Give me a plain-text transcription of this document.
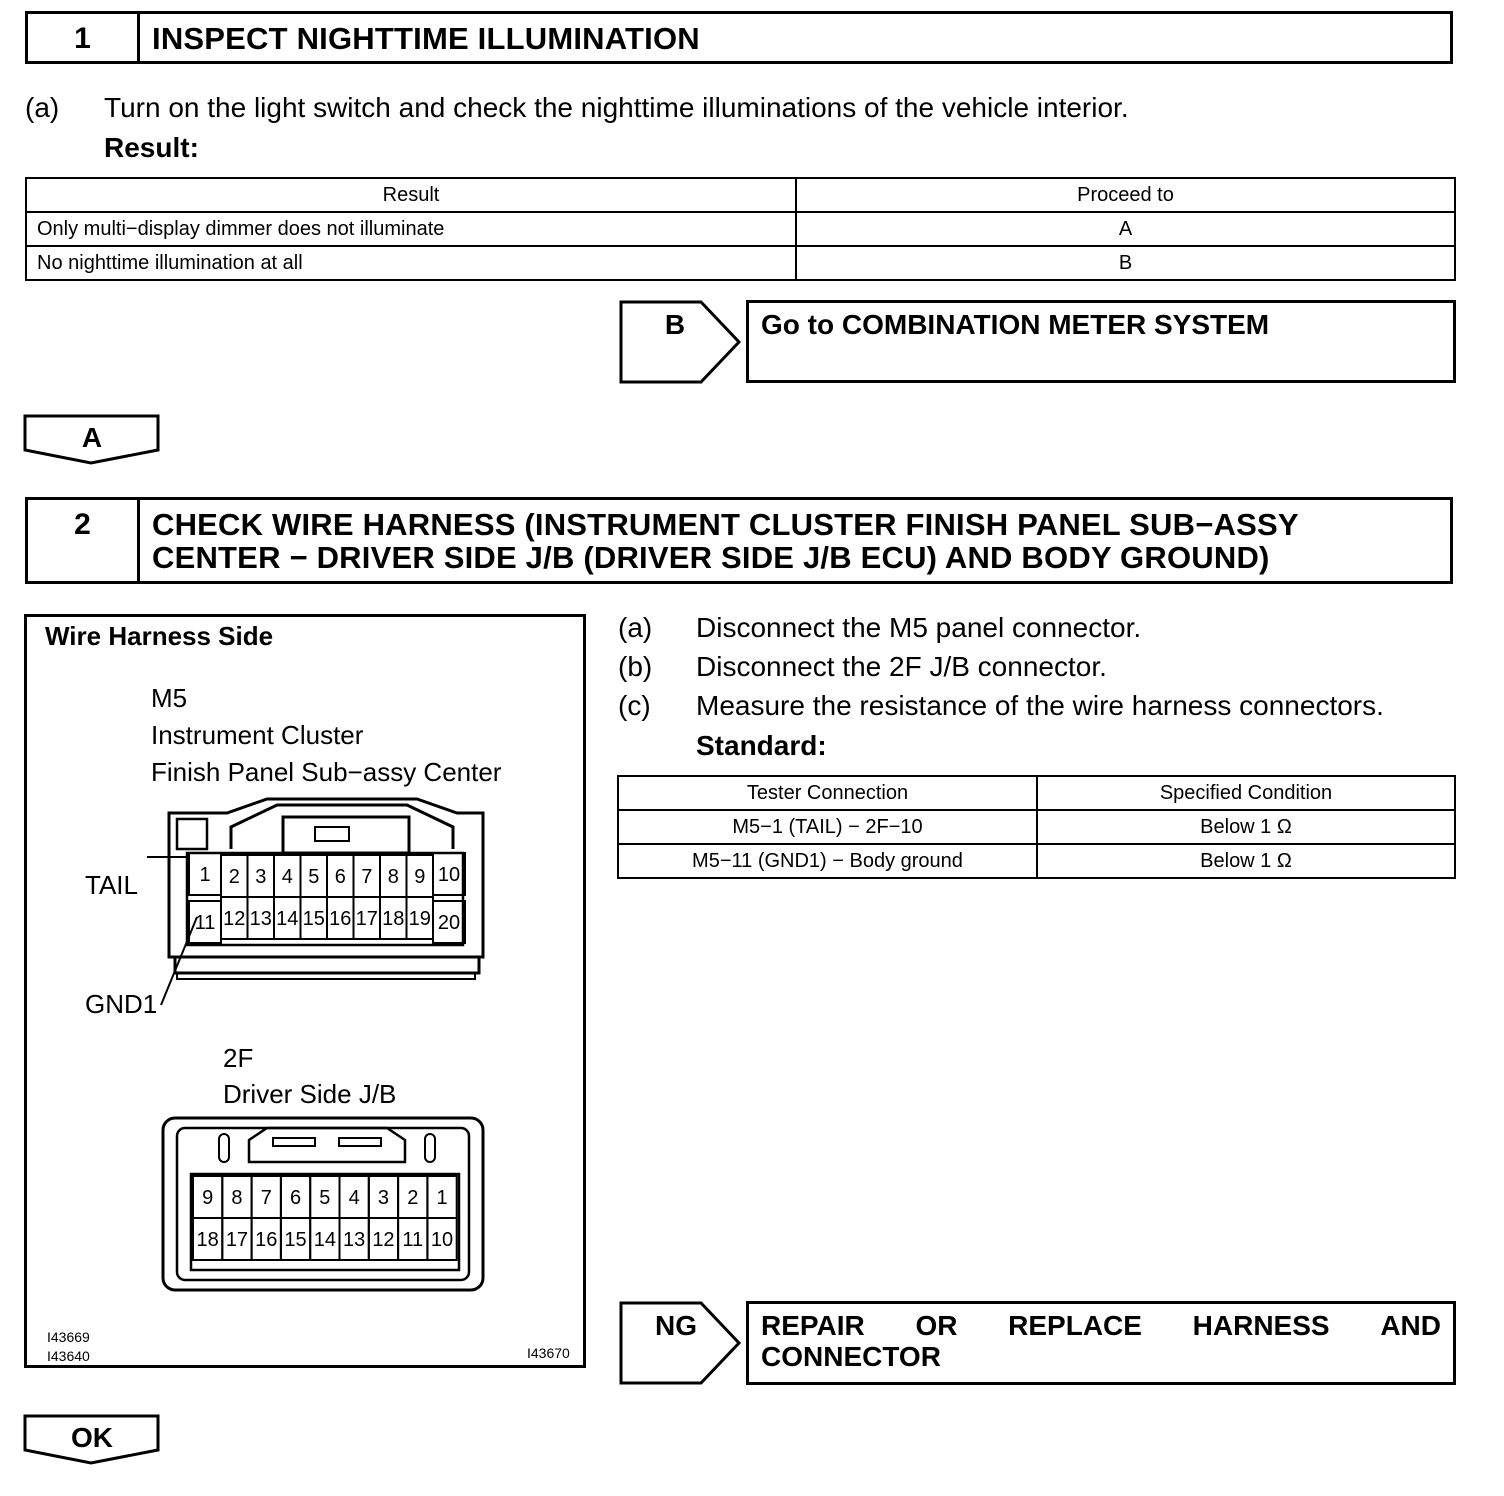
1	INSPECT NIGHTTIME ILLUMINATION
(a) Turn on the light switch and check the nighttime illuminations of the vehicle interior.
Result:
Result	Proceed to
Only multi−display dimmer does not illuminate	A
No nighttime illumination at all	B
B	Go to COMBINATION METER SYSTEM
A
2	CHECK WIRE HARNESS (INSTRUMENT CLUSTER FINISH PANEL SUB−ASSY
CENTER − DRIVER SIDE J/B (DRIVER SIDE J/B ECU) AND BODY GROUND)
Wire Harness Side
M5
Instrument Cluster
Finish Panel Sub−assy Center
1 2 3 4 5 6 7 8 9 10
11 12 13 14 15 16 17 18 19 20
TAIL
GND1
2F
Driver Side J/B
9 8 7 6 5 4 3 2 1
18 17 16 15 14 13 12 11 10
I43669
I43640	I43670
(a) Disconnect the M5 panel connector.
(b) Disconnect the 2F J/B connector.
(c) Measure the resistance of the wire harness connectors.
Standard:
Tester Connection	Specified Condition
M5−1 (TAIL) − 2F−10	Below 1 Ω
M5−11 (GND1) − Body ground	Below 1 Ω
NG	REPAIR OR REPLACE HARNESS AND
CONNECTOR
OK
